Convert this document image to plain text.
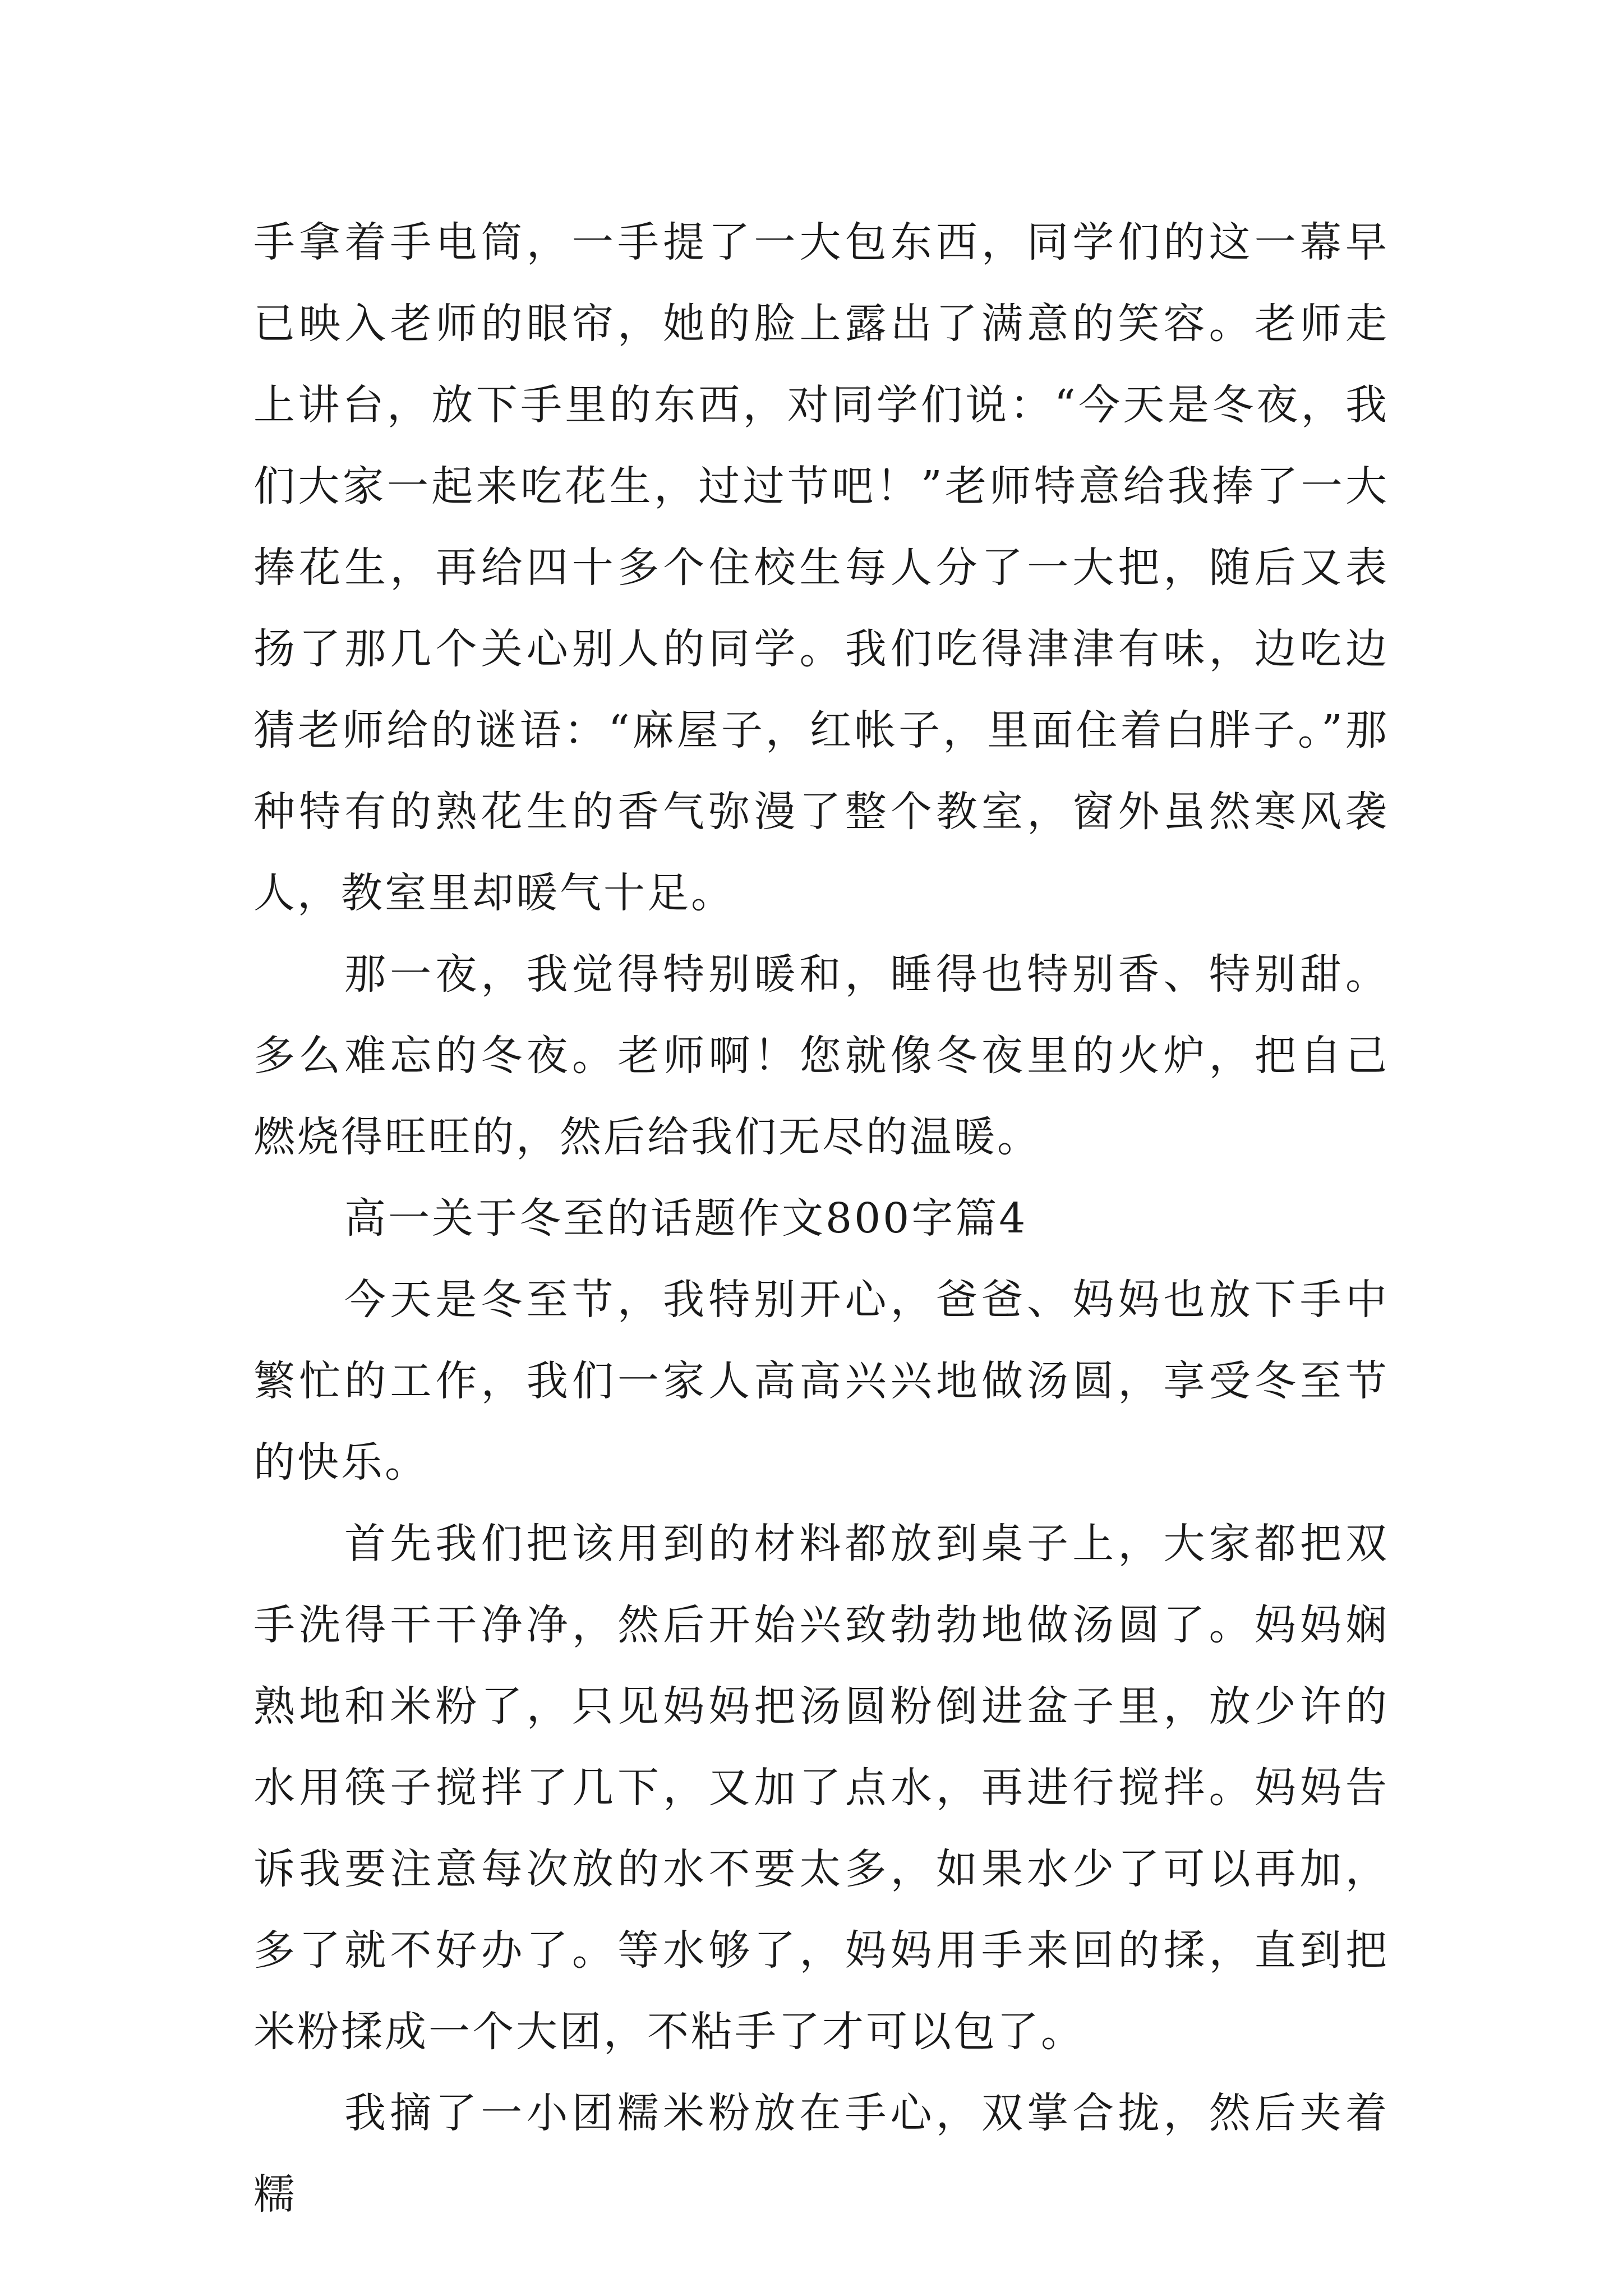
手拿着手电筒，一手提了一大包东西，同学们的这一幕早已映入老师的眼帘，她的脸上露出了满意的笑容。老师走上讲台，放下手里的东西，对同学们说：“今天是冬夜，我们大家一起来吃花生，过过节吧！”老师特意给我捧了一大捧花生，再给四十多个住校生每人分了一大把，随后又表扬了那几个关心别人的同学。我们吃得津津有味，边吃边猜老师给的谜语：“麻屋子，红帐子，里面住着白胖子。”那种特有的熟花生的香气弥漫了整个教室，窗外虽然寒风袭人，教室里却暖气十足。

那一夜，我觉得特别暖和，睡得也特别香、特别甜。多么难忘的冬夜。老师啊！您就像冬夜里的火炉，把自己燃烧得旺旺的，然后给我们无尽的温暖。

高一关于冬至的话题作文800字篇4

今天是冬至节，我特别开心，爸爸、妈妈也放下手中繁忙的工作，我们一家人高高兴兴地做汤圆，享受冬至节的快乐。

首先我们把该用到的材料都放到桌子上，大家都把双手洗得干干净净，然后开始兴致勃勃地做汤圆了。妈妈娴熟地和米粉了，只见妈妈把汤圆粉倒进盆子里，放少许的水用筷子搅拌了几下，又加了点水，再进行搅拌。妈妈告诉我要注意每次放的水不要太多，如果水少了可以再加，多了就不好办了。等水够了，妈妈用手来回的揉，直到把米粉揉成一个大团，不粘手了才可以包了。

我摘了一小团糯米粉放在手心，双掌合拢，然后夹着糯
